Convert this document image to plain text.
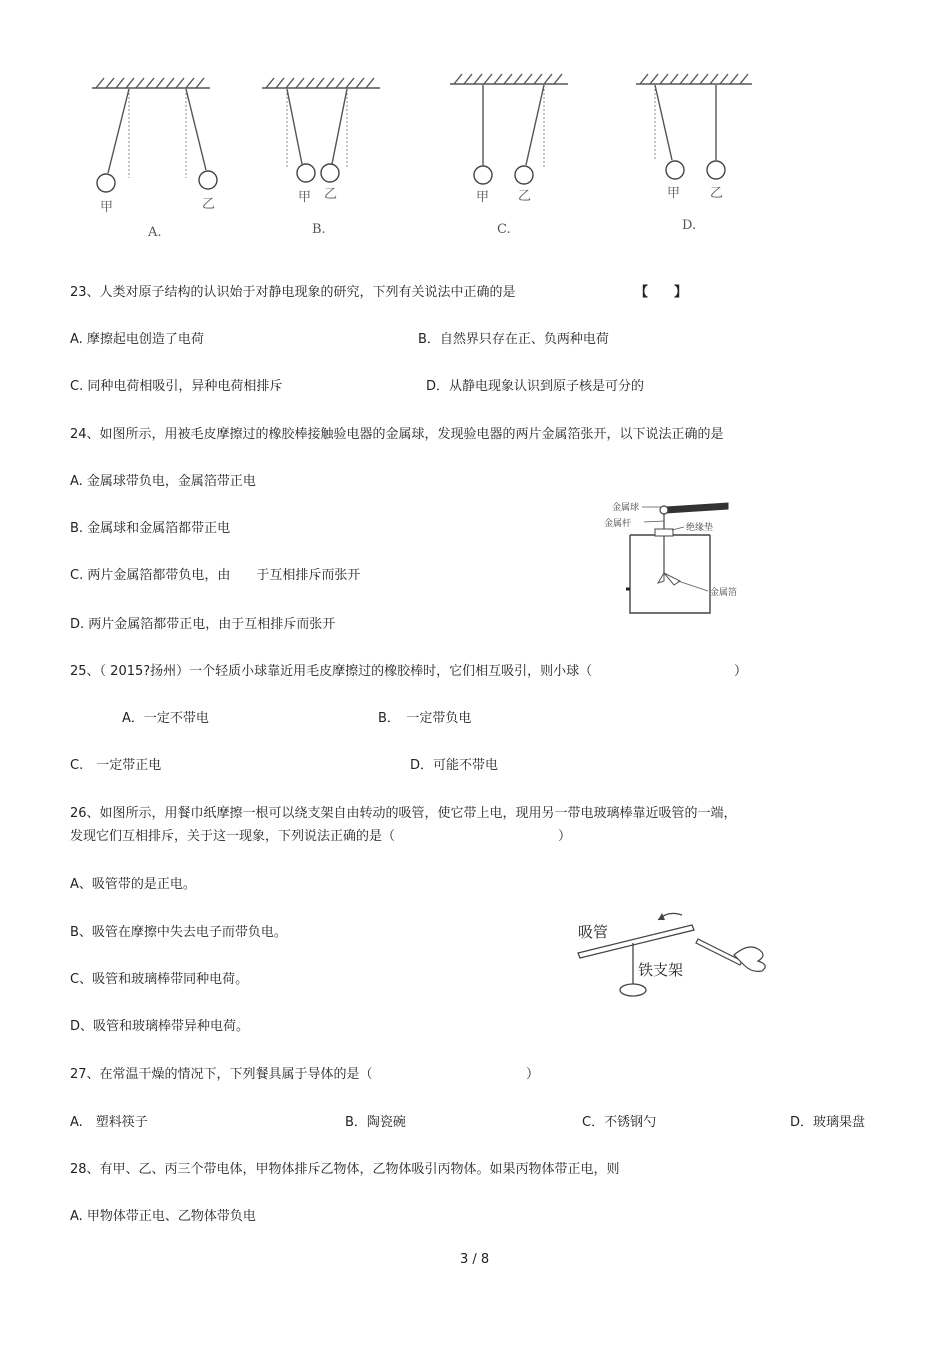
甲	乙
A.
甲 乙
B.
甲 乙
C.
甲 乙
D.
23、人类对原子结构的认识始于对静电现象的研究，下列有关说法中正确的是	【　　】
A. 摩擦起电创造了电荷	B．自然界只存在正、负两种电荷
C. 同种电荷相吸引，异种电荷相排斥	D．从静电现象认识到原子核是可分的
24、如图所示，用被毛皮摩擦过的橡胶棒接触验电器的金属球，发现验电器的两片金属箔张开，以下说法正确的是
A. 金属球带负电，金属箔带正电
B. 金属球和金属箔都带正电
C. 两片金属箔都带负电，由　　于互相排斥而张开
D. 两片金属箔都带正电，由于互相排斥而张开
金属球
金属杆	绝缘垫
金属箔
25、（ 2015?扬州）一个轻质小球靠近用毛皮摩擦过的橡胶棒时，它们相互吸引，则小球（	）
A．一定不带电	B．　一定带负电
C.　一定带正电	D．可能不带电
26、如图所示，用餐巾纸摩擦一根可以绕支架自由转动的吸管，使它带上电，现用另一带电玻璃棒靠近吸管的一端，
发现它们互相排斥，关于这一现象，下列说法正确的是（	）
A、吸管带的是正电。
B、吸管在摩擦中失去电子而带负电。
C、吸管和玻璃棒带同种电荷。
D、吸管和玻璃棒带异种电荷。
吸管
铁支架
27、在常温干燥的情况下，下列餐具属于导体的是（	）
A.　塑料筷子	B．陶瓷碗	C．不锈钢勺	D．玻璃果盘
28、有甲、乙、丙三个带电体，甲物体排斥乙物体，乙物体吸引丙物体。如果丙物体带正电，则
A. 甲物体带正电、乙物体带负电
3 / 8
